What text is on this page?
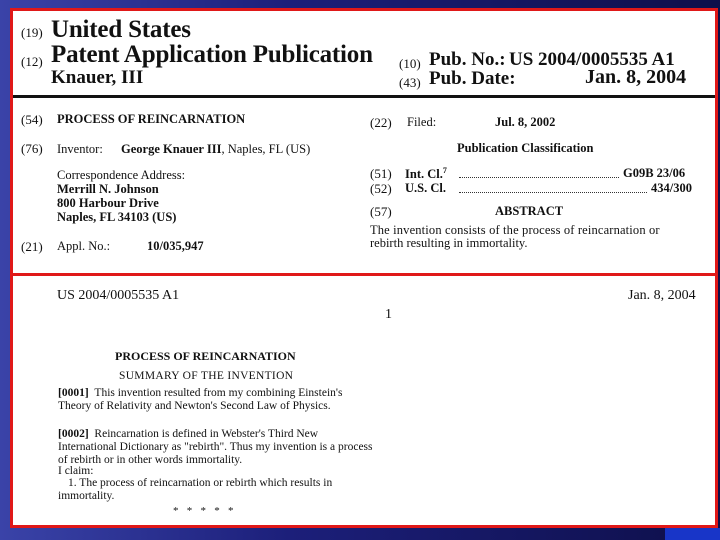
(19) United States
(12) Patent Application Publication
Knauer, III
(10) Pub. No.: US 2004/0005535 A1
(43) Pub. Date:	Jan. 8, 2004
(54) PROCESS OF REINCARNATION
(76) Inventor: George Knauer III, Naples, FL (US)
Correspondence Address:
Merrill N. Johnson
800 Harbour Drive
Naples, FL 34103 (US)
(21) Appl. No.:	10/035,947
(22) Filed:	Jul. 8, 2002
Publication Classification
(51) Int. Cl.$^7$	G09B 23/06
(52) U.S. Cl.	434/300
(57)	ABSTRACT
The invention consists of the process of reincarnation or
rebirth resulting in immortality.
US 2004/0005535 A1	Jan. 8, 2004
1
PROCESS OF REINCARNATION
SUMMARY OF THE INVENTION
[0001] This invention resulted from my combining Einstein's Theory of Relativity and Newton's Second Law of Physics.
[0002] Reincarnation is defined in Webster's Third New International Dictionary as "rebirth". Thus my invention is a process of rebirth or in other words immortality.
I claim:
1. The process of reincarnation or rebirth which results in immortality.
*   *   *   *   *
